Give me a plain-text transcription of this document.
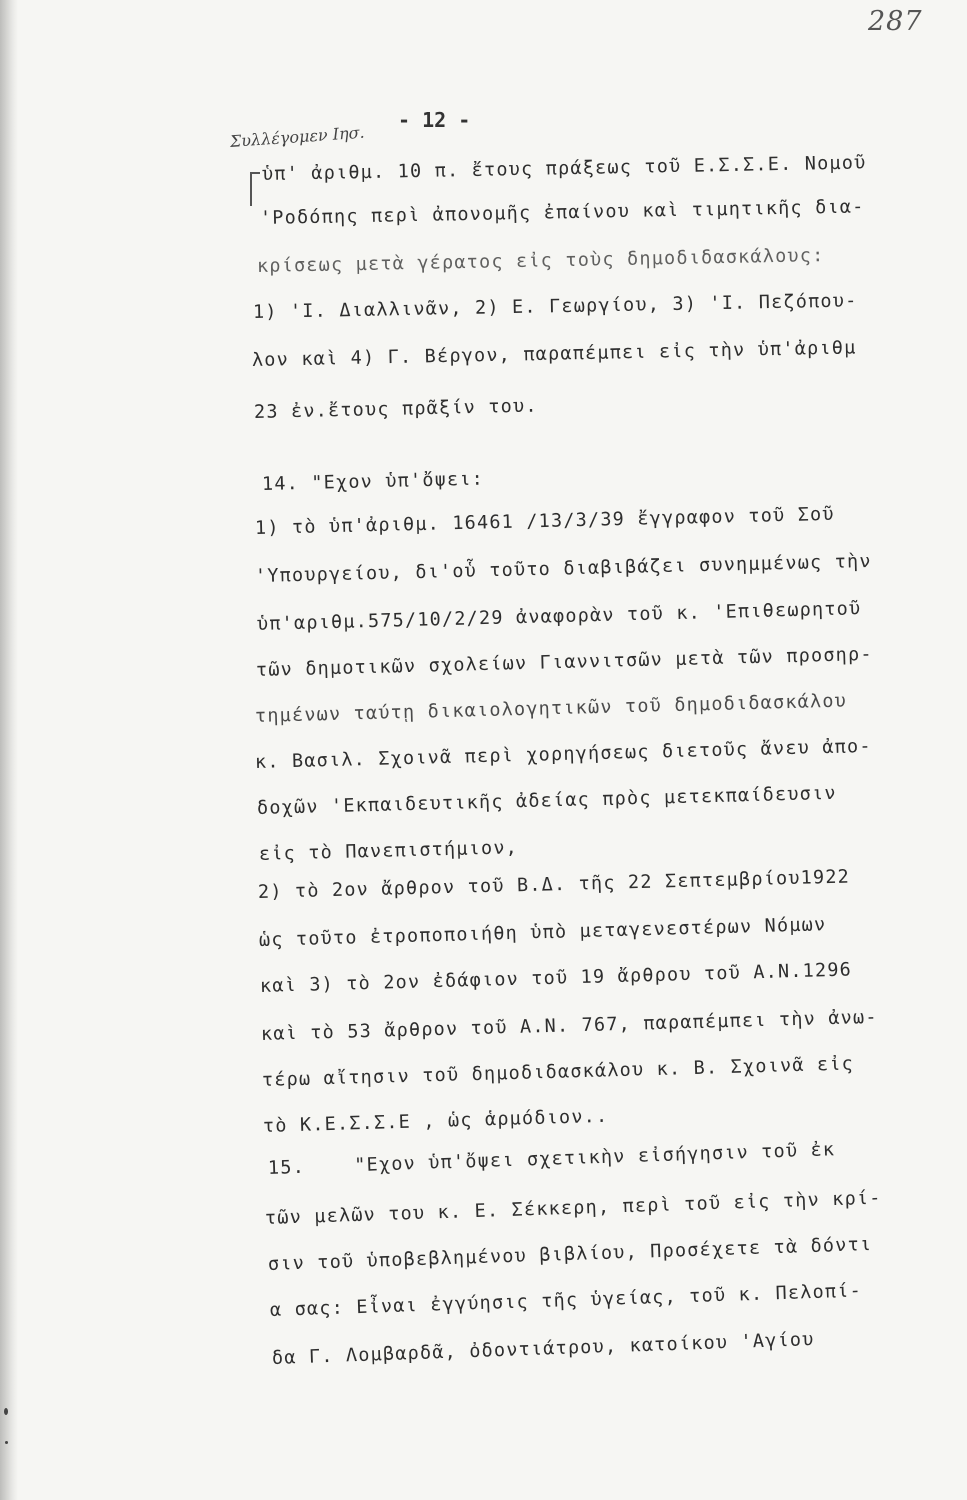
287
- 12 -
Συλλέγομεν Ιησ.

ὑπ' ἀριθμ. 10 π. ἔτους πράξεως τοῦ Ε.Σ.Σ.Ε. Νομοῦ

'Ροδόπης περὶ ἀπονομῆς ἐπαίνου καὶ τιμητικῆς δια-

κρίσεως μετὰ γέρατος εἰς τοὺς δημοδιδασκάλους:

1) 'Ι. Διαλλινᾶν, 2) Ε. Γεωργίου, 3) 'Ι. Πεζόπου-

λον καὶ 4) Γ. Βέργον, παραπέμπει εἰς τὴν ὑπ'ἀριθμ

23 ἐν.ἔτους πρᾶξίν του.

14. "Εχον ὑπ'ὄψει:

1) τὸ ὑπ'ἀριθμ. 16461 /13/3/39 ἔγγραφον τοῦ Σοῦ

'Υπουργείου, δι'οὗ τοῦτο διαβιβάζει συνημμένως τὴν

ὑπ'αριθμ.575/10/2/29 ἀναφορὰν τοῦ κ. 'Επιθεωρητοῦ

τῶν δημοτικῶν σχολείων Γιαννιτσῶν μετὰ τῶν προσηρ-

τημένων ταύτῃ δικαιολογητικῶν τοῦ δημοδιδασκάλου

κ. Βασιλ. Σχοινᾶ περὶ χορηγήσεως διετοῦς ἄνευ ἀπο-

δοχῶν 'Εκπαιδευτικῆς ἀδείας πρὸς μετεκπαίδευσιν

εἰς τὸ Πανεπιστήμιον,

2) τὸ 2ον ἄρθρον τοῦ Β.Δ. τῆς 22 Σεπτεμβρίου1922

ὡς τοῦτο ἐτροποποιήθη ὑπὸ μεταγενεστέρων Νόμων

καὶ 3) τὸ 2ον ἐδάφιον τοῦ 19 ἄρθρου τοῦ Α.Ν.1296

καὶ τὸ 53 ἄρθρον τοῦ Α.Ν. 767, παραπέμπει τὴν ἀνω-

τέρω αἴτησιν τοῦ δημοδιδασκάλου κ. Β. Σχοινᾶ εἰς

τὸ Κ.Ε.Σ.Σ.Ε , ὡς ἁρμόδιον..

15.    "Εχον ὑπ'ὄψει σχετικὴν εἰσήγησιν τοῦ ἐκ

τῶν μελῶν του κ. Ε. Σέκκερη, περὶ τοῦ εἰς τὴν κρί-

σιν τοῦ ὑποβεβλημένου βιβλίου, Προσέχετε τὰ δόντι

α σας: Εἶναι ἐγγύησις τῆς ὑγείας, τοῦ κ. Πελοπί-

δα Γ. Λομβαρδᾶ, ὀδοντιάτρου, κατοίκου 'Αγίου
